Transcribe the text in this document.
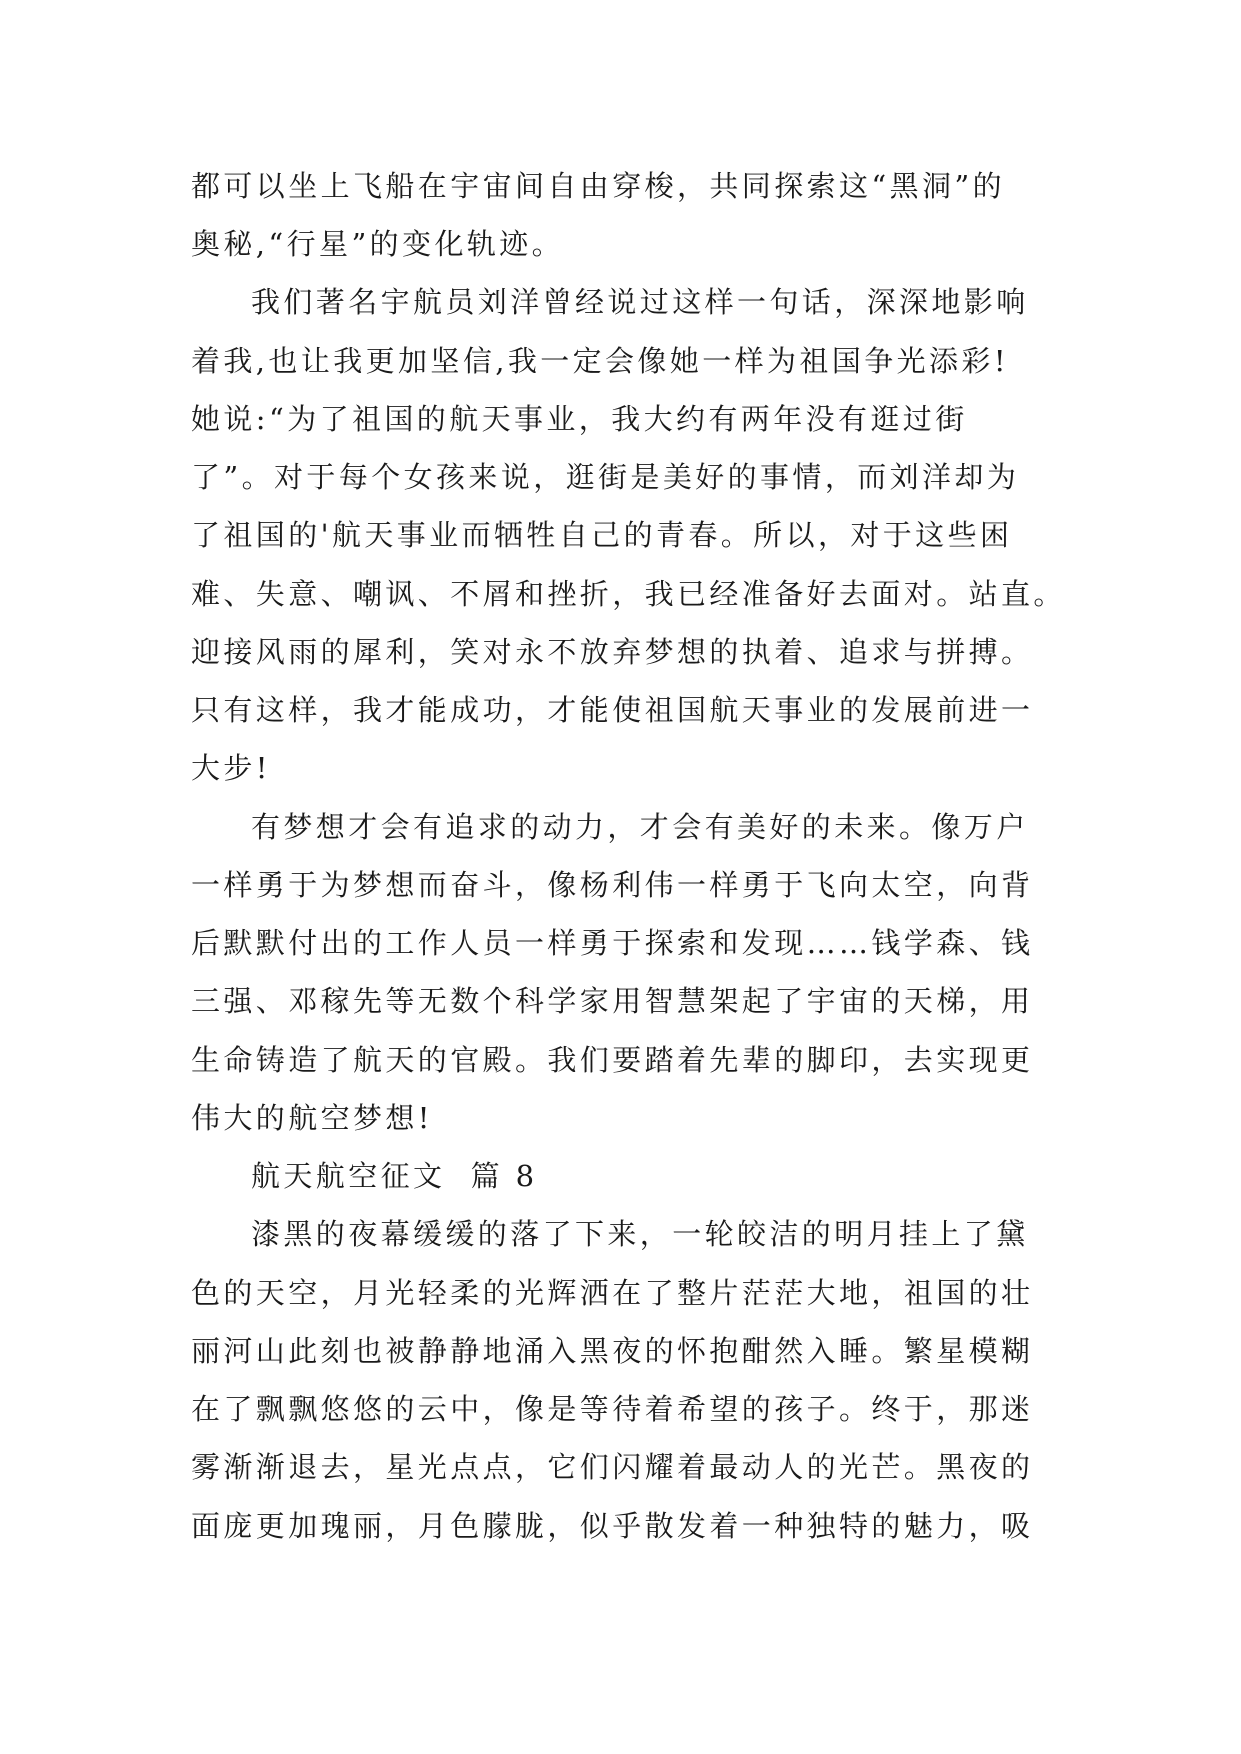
都可以坐上飞船在宇宙间自由穿梭，共同探索这“黑洞”的
奥秘,“行星”的变化轨迹。
我们著名宇航员刘洋曾经说过这样一句话，深深地影响
着我,也让我更加坚信,我一定会像她一样为祖国争光添彩!
她说:“为了祖国的航天事业，我大约有两年没有逛过街
了”。对于每个女孩来说，逛街是美好的事情，而刘洋却为
了祖国的'航天事业而牺牲自己的青春。所以，对于这些困
难、失意、嘲讽、不屑和挫折，我已经准备好去面对。站直。
迎接风雨的犀利，笑对永不放弃梦想的执着、追求与拼搏。
只有这样，我才能成功，才能使祖国航天事业的发展前进一
大步!
有梦想才会有追求的动力，才会有美好的未来。像万户
一样勇于为梦想而奋斗，像杨利伟一样勇于飞向太空，向背
后默默付出的工作人员一样勇于探索和发现……钱学森、钱
三强、邓稼先等无数个科学家用智慧架起了宇宙的天梯，用
生命铸造了航天的官殿。我们要踏着先辈的脚印，去实现更
伟大的航空梦想!
航天航空征文  篇 8
漆黑的夜幕缓缓的落了下来，一轮皎洁的明月挂上了黛
色的天空，月光轻柔的光辉洒在了整片茫茫大地，祖国的壮
丽河山此刻也被静静地涌入黑夜的怀抱酣然入睡。繁星模糊
在了飘飘悠悠的云中，像是等待着希望的孩子。终于，那迷
雾渐渐退去，星光点点，它们闪耀着最动人的光芒。黑夜的
面庞更加瑰丽，月色朦胧，似乎散发着一种独特的魅力，吸
